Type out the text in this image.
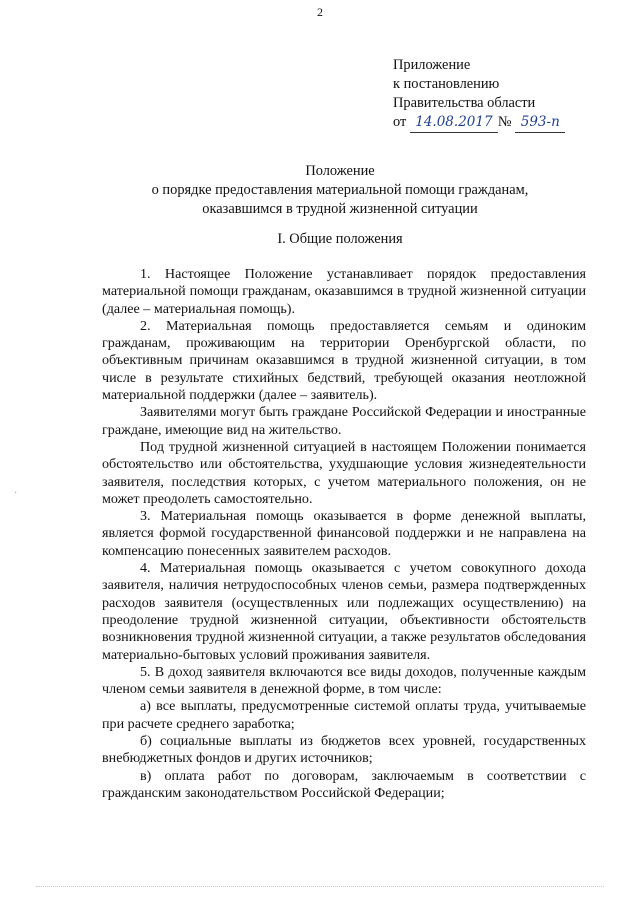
2
Приложение
к постановлению
Правительства области
от 14.08.2017 № 593-п
Положение
о порядке предоставления материальной помощи гражданам,
оказавшимся в трудной жизненной ситуации
I. Общие положения

1. Настоящее Положение устанавливает порядок предоставления материальной помощи гражданам, оказавшимся в трудной жизненной ситуации (далее – материальная помощь).

2. Материальная помощь предоставляется семьям и одиноким гражданам, проживающим на территории Оренбургской области, по объективным причинам оказавшимся в трудной жизненной ситуации, в том числе в результате стихийных бедствий, требующей оказания неотложной материальной поддержки (далее – заявитель).

Заявителями могут быть граждане Российской Федерации и иностранные граждане, имеющие вид на жительство.

Под трудной жизненной ситуацией в настоящем Положении понимается обстоятельство или обстоятельства, ухудшающие условия жизнедеятельности заявителя, последствия которых, с учетом материального положения, он не может преодолеть самостоятельно.

3. Материальная помощь оказывается в форме денежной выплаты, является формой государственной финансовой поддержки и не направлена на компенсацию понесенных заявителем расходов.

4. Материальная помощь оказывается с учетом совокупного дохода заявителя, наличия нетрудоспособных членов семьи, размера подтвержденных расходов заявителя (осуществленных или подлежащих осуществлению) на преодоление трудной жизненной ситуации, объективности обстоятельств возникновения трудной жизненной ситуации, а также результатов обследования материально-бытовых условий проживания заявителя.

5. В доход заявителя включаются все виды доходов, полученные каждым членом семьи заявителя в денежной форме, в том числе:

а) все выплаты, предусмотренные системой оплаты труда, учитываемые при расчете среднего заработка;

б) социальные выплаты из бюджетов всех уровней, государственных внебюджетных фондов и других источников;

в) оплата работ по договорам, заключаемым в соответствии с гражданским законодательством Российской Федерации;

·
